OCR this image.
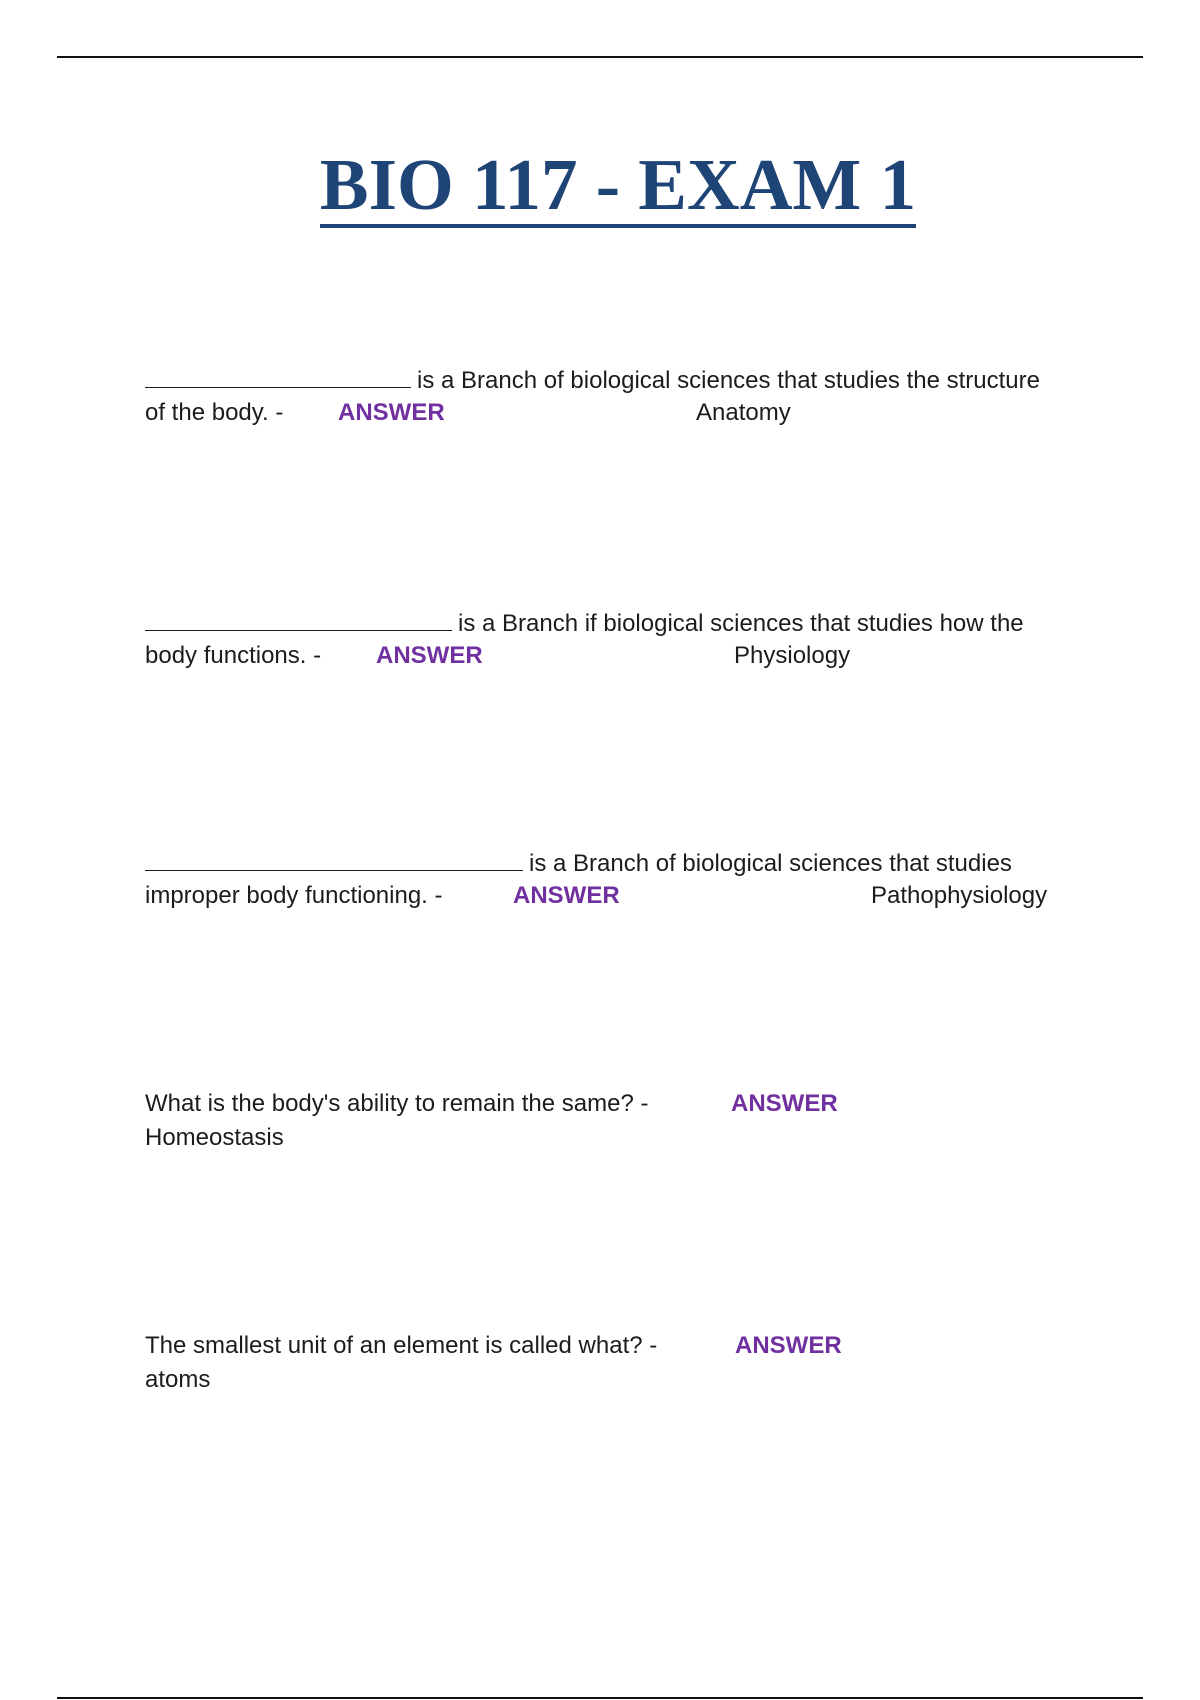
BIO 117 - EXAM 1
is a Branch of biological sciences that studies the structure
of the body. - ANSWER	Anatomy
is a Branch if biological sciences that studies how the
body functions. - ANSWER	Physiology
is a Branch of biological sciences that studies
improper body functioning. -	ANSWER	Pathophysiology
What is the body's ability to remain the same? -	ANSWER
Homeostasis
The smallest unit of an element is called what? -	ANSWER
atoms
